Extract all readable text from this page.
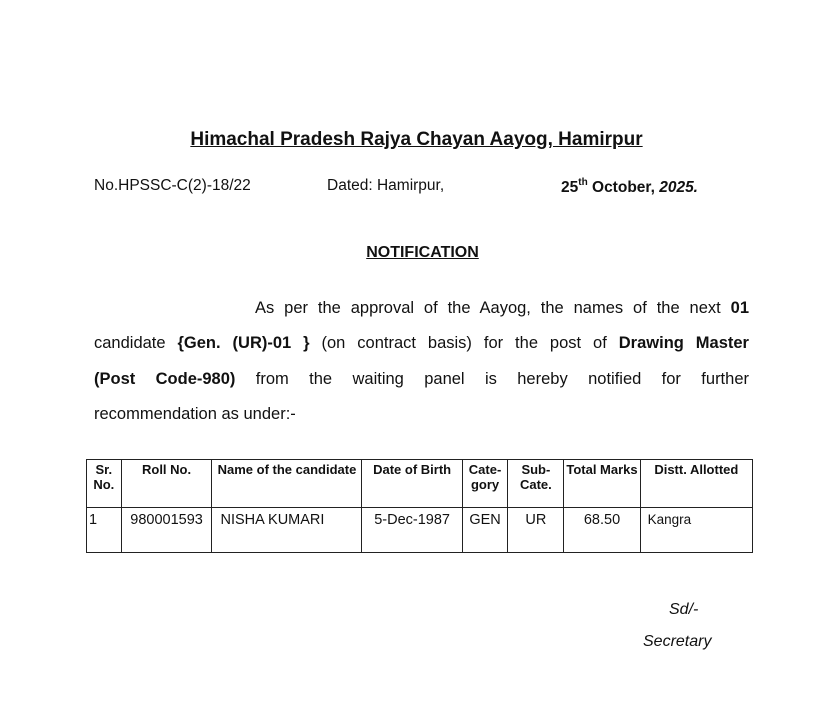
Himachal Pradesh Rajya Chayan Aayog, Hamirpur
No.HPSSC-C(2)-18/22	Dated: Hamirpur,	25th October, 2025.
NOTIFICATION
As per the approval of the Aayog, the names of the next 01
candidate {Gen. (UR)-01 } (on contract basis) for the post of Drawing Master
(Post Code-980) from the waiting panel is hereby notified for further
recommendation as under:-
Sr. No.	Roll No.	Name of the candidate	Date of Birth	Cate- gory	Sub- Cate.	Total Marks	Distt. Allotted
1	980001593	NISHA KUMARI	5-Dec-1987	GEN	UR	68.50	Kangra
Sd/-
Secretary
